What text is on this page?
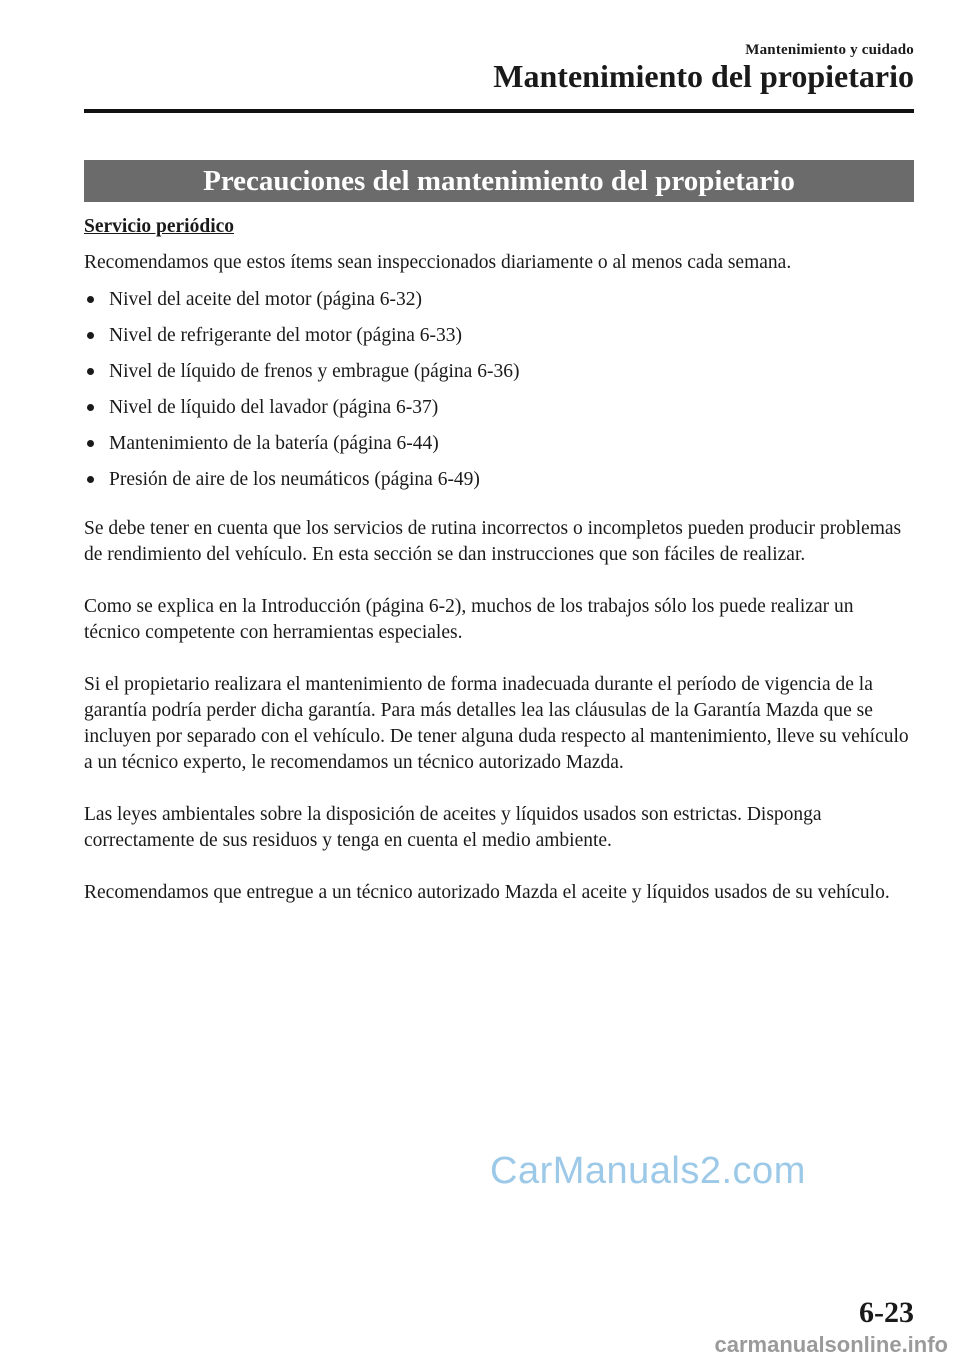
Mantenimiento y cuidado
Mantenimiento del propietario
Precauciones del mantenimiento del propietario

Servicio periódico

Recomendamos que estos ítems sean inspeccionados diariamente o al menos cada semana.

Nivel del aceite del motor (página 6-32)
Nivel de refrigerante del motor (página 6-33)
Nivel de líquido de frenos y embrague (página 6-36)
Nivel de líquido del lavador (página 6-37)
Mantenimiento de la batería (página 6-44)
Presión de aire de los neumáticos (página 6-49)

Se debe tener en cuenta que los servicios de rutina incorrectos o incompletos pueden producir problemas de rendimiento del vehículo. En esta sección se dan instrucciones que son fáciles de realizar.

Como se explica en la Introducción (página 6-2), muchos de los trabajos sólo los puede realizar un técnico competente con herramientas especiales.

Si el propietario realizara el mantenimiento de forma inadecuada durante el período de vigencia de la garantía podría perder dicha garantía. Para más detalles lea las cláusulas de la Garantía Mazda que se incluyen por separado con el vehículo. De tener alguna duda respecto al mantenimiento, lleve su vehículo a un técnico experto, le recomendamos un técnico autorizado Mazda.

Las leyes ambientales sobre la disposición de aceites y líquidos usados son estrictas. Disponga correctamente de sus residuos y tenga en cuenta el medio ambiente.

Recomendamos que entregue a un técnico autorizado Mazda el aceite y líquidos usados de su vehículo.

CarManuals2.com
6-23
carmanualsonline.info
